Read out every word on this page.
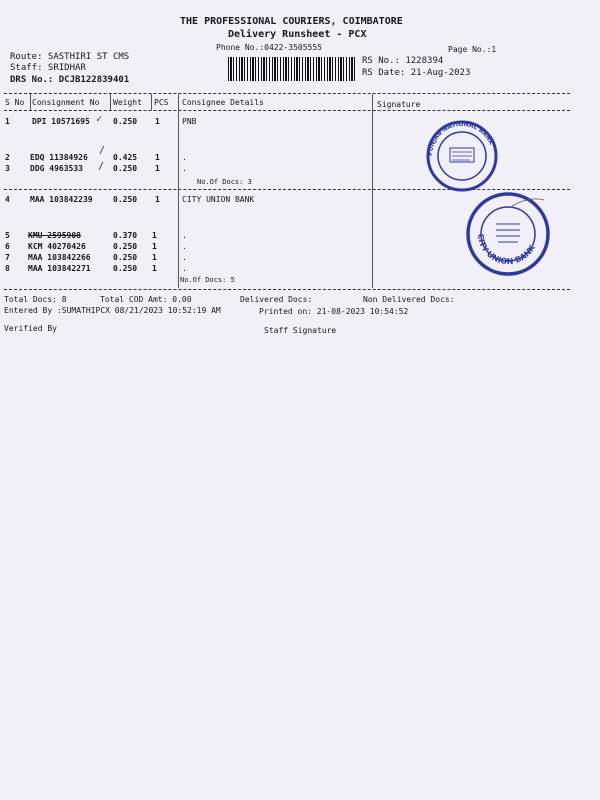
THE PROFESSIONAL COURIERS, COIMBATORE
Delivery Runsheet - PCX
Phone No.:0422-3505555	Page No.:1
Route: SASTHIRI ST CMS
Staff: SRIDHAR
DRS No.: DCJB122839401
RS No.: 1228394
RS Date: 21-Aug-2023
S No Consignment No Weight PCS Consignee Details	Signature
1	DPI 10571695	0.250 1	PNB
✓
2	EDQ 11384926	0.425 1	.
/
3	DDG 4963533	0.250 1	.
/
No.Of Docs: 3
4	MAA 103842239	0.250 1	CITY UNION BANK
5 KMU 2595908	0.370 1	.
6 KCM 40270426	0.250 1	.
7 MAA 103842266	0.250 1	.
8 MAA 103842271	0.250 1	.
No.Of Docs: 5
PUNJAB NATIONAL BANK
CITY UNION BANK
Total Docs: 8	Total COD Amt: 0.00	Delivered Docs:	Non Delivered Docs:
Entered By :SUMATHIPCX 08/21/2023 10:52:19 AM	Printed on: 21-08-2023 10:54:52
Verified By	Staff Signature
